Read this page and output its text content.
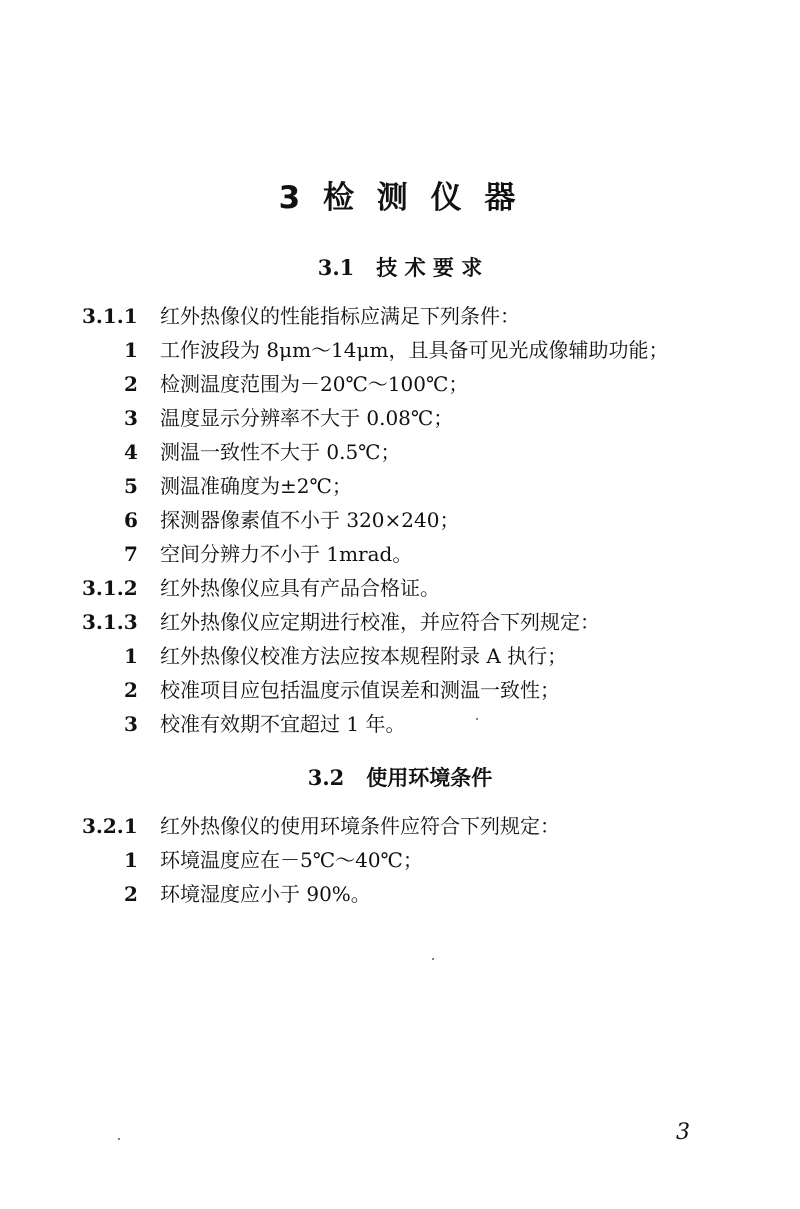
3 检 测 仪 器
3.1 技 术 要 求
3.1.1 红外热像仪的性能指标应满足下列条件：
1 工作波段为 8μm～14μm，且具备可见光成像辅助功能；
2 检测温度范围为－20℃～100℃；
3 温度显示分辨率不大于 0.08℃；
4 测温一致性不大于 0.5℃；
5 测温准确度为±2℃；
6 探测器像素值不小于 320×240；
7 空间分辨力不小于 1mrad。
3.1.2 红外热像仪应具有产品合格证。
3.1.3 红外热像仪应定期进行校准，并应符合下列规定：
1 红外热像仪校准方法应按本规程附录 A 执行；
2 校准项目应包括温度示值误差和测温一致性；
3 校准有效期不宜超过 1 年。
3.2 使用环境条件
3.2.1 红外热像仪的使用环境条件应符合下列规定：
1 环境温度应在－5℃～40℃；
2 环境湿度应小于 90%。
3
